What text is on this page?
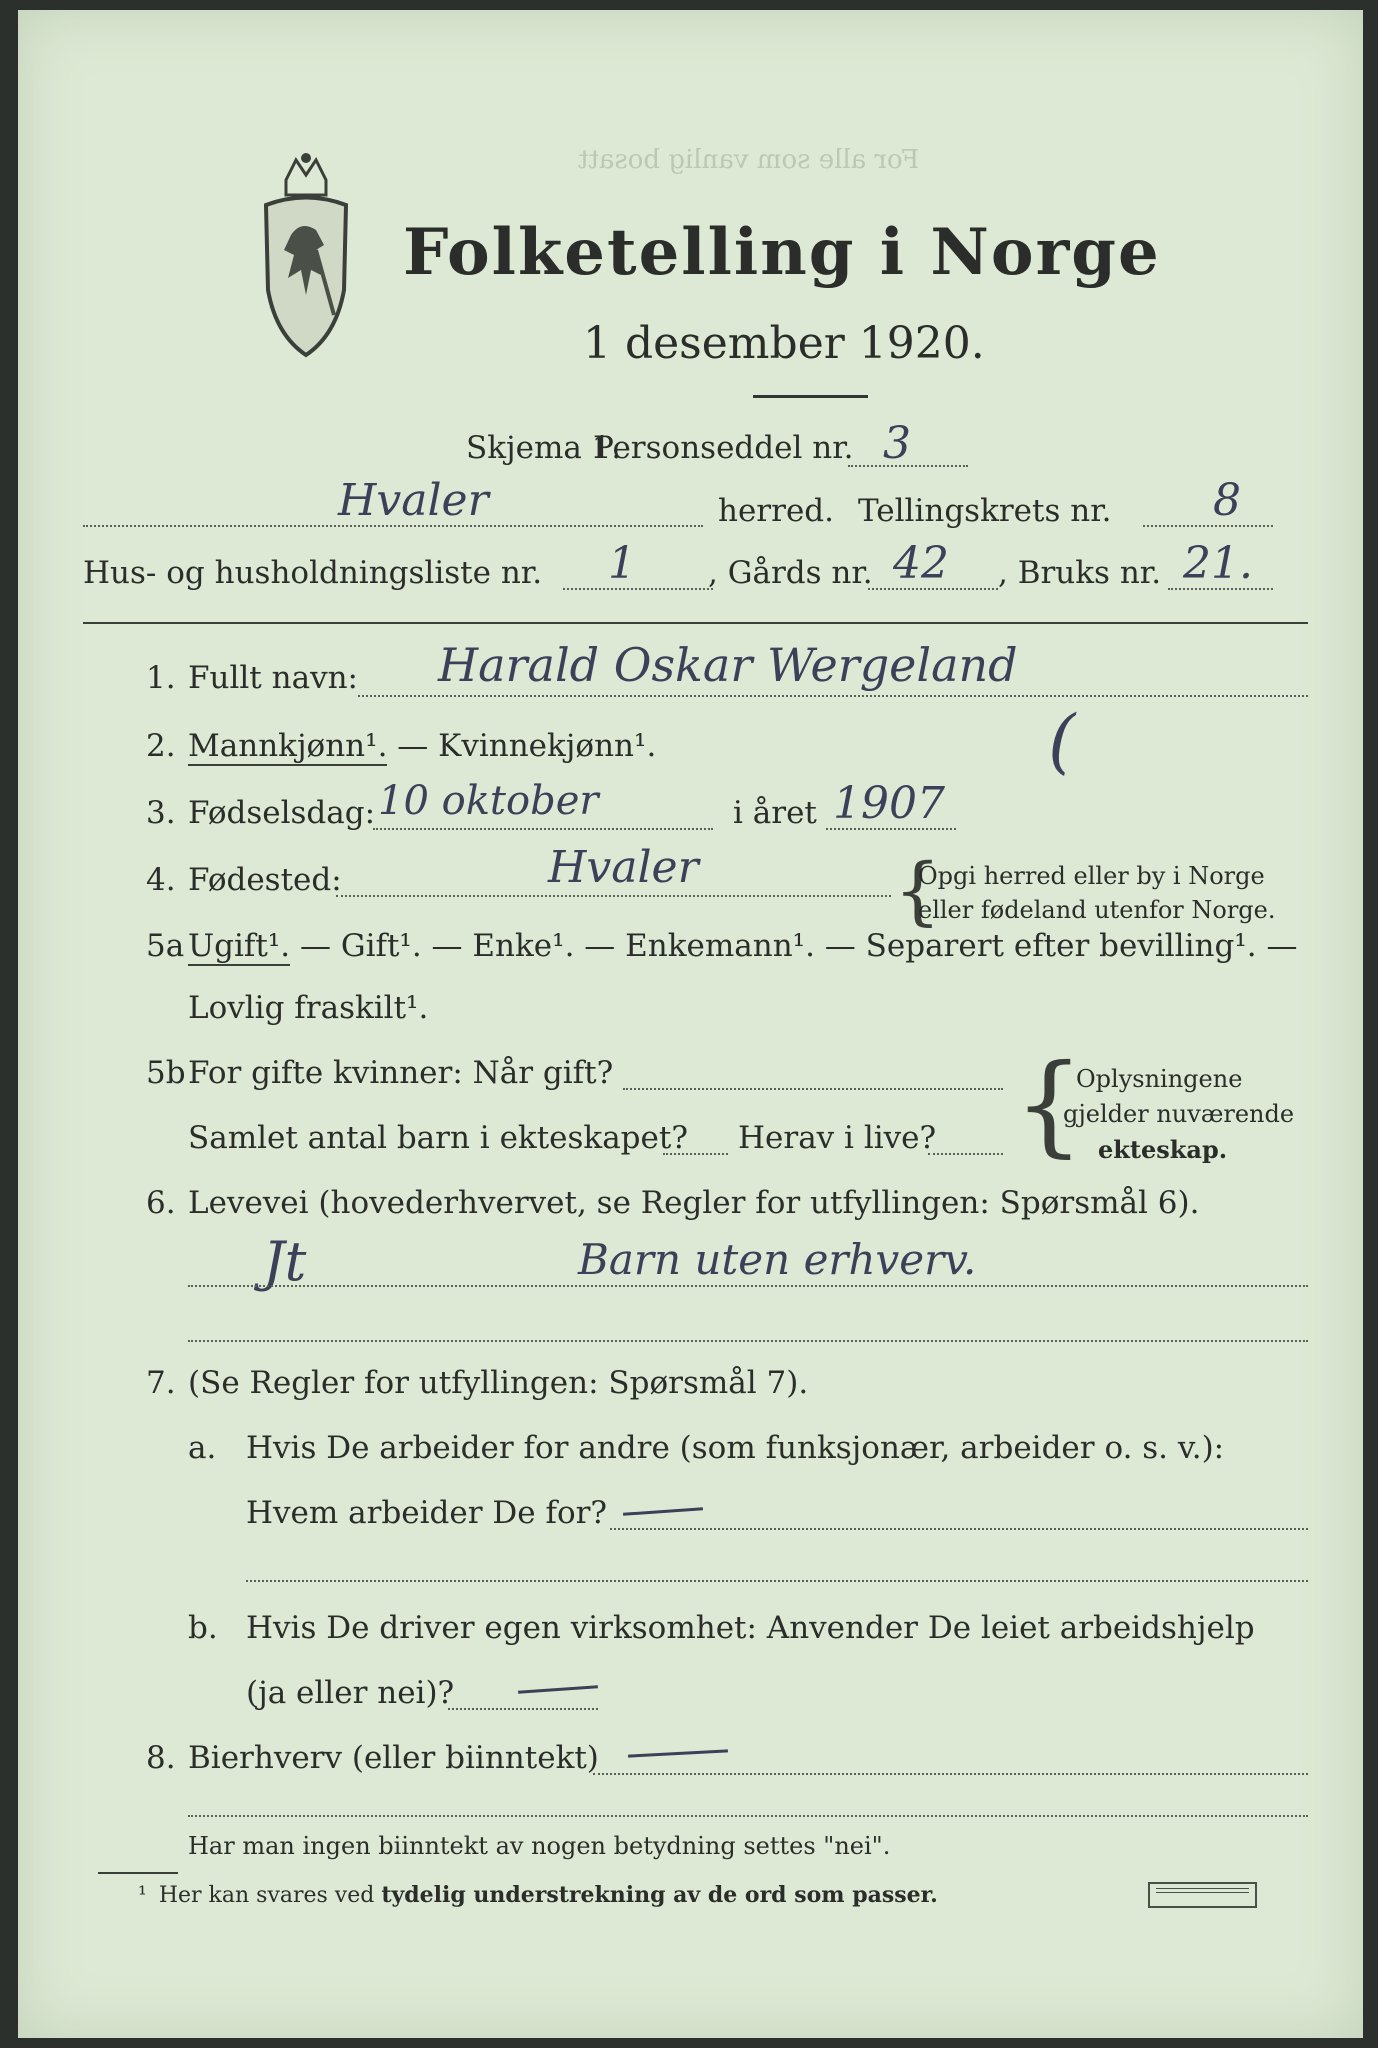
Folketelling i Norge
1 desember 1920.
For alle som vanlig bosatt
Skjema 1.
Personseddel nr. 3
Hvaler	herred. Tellingskrets nr. 8
Hus- og husholdningsliste nr. 1 , Gårds nr. 42 , Bruks nr. 21.
1. Fullt navn: Harald Oskar Wergeland
2. Mannkjønn¹. — Kvinnekjønn¹.	(
3. Fødselsdag: 10 oktober	i året 1907
4. Fødested:	Hvaler	{
Opgi herred eller by i Norge
eller fødeland utenfor Norge.
5a Ugift¹. — Gift¹. — Enke¹. — Enkemann¹. — Separert efter bevilling¹. —
Lovlig fraskilt¹.
5b For gifte kvinner: Når gift?
Samlet antal barn i ekteskapet? Herav i live? {
Oplysningene
gjelder nuværende
ekteskap.
6. Levevei (hovederhvervet, se Regler for utfyllingen: Spørsmål 6).
Jt	Barn uten erhverv.
7. (Se Regler for utfyllingen: Spørsmål 7).
a. Hvis De arbeider for andre (som funksjonær, arbeider o. s. v.):
Hvem arbeider De for?
b. Hvis De driver egen virksomhet: Anvender De leiet arbeidshjelp
(ja eller nei)?
8. Bierhverv (eller biinntekt)
Har man ingen biinntekt av nogen betydning settes "nei".
¹ Her kan svares ved tydelig understrekning av de ord som passer.
